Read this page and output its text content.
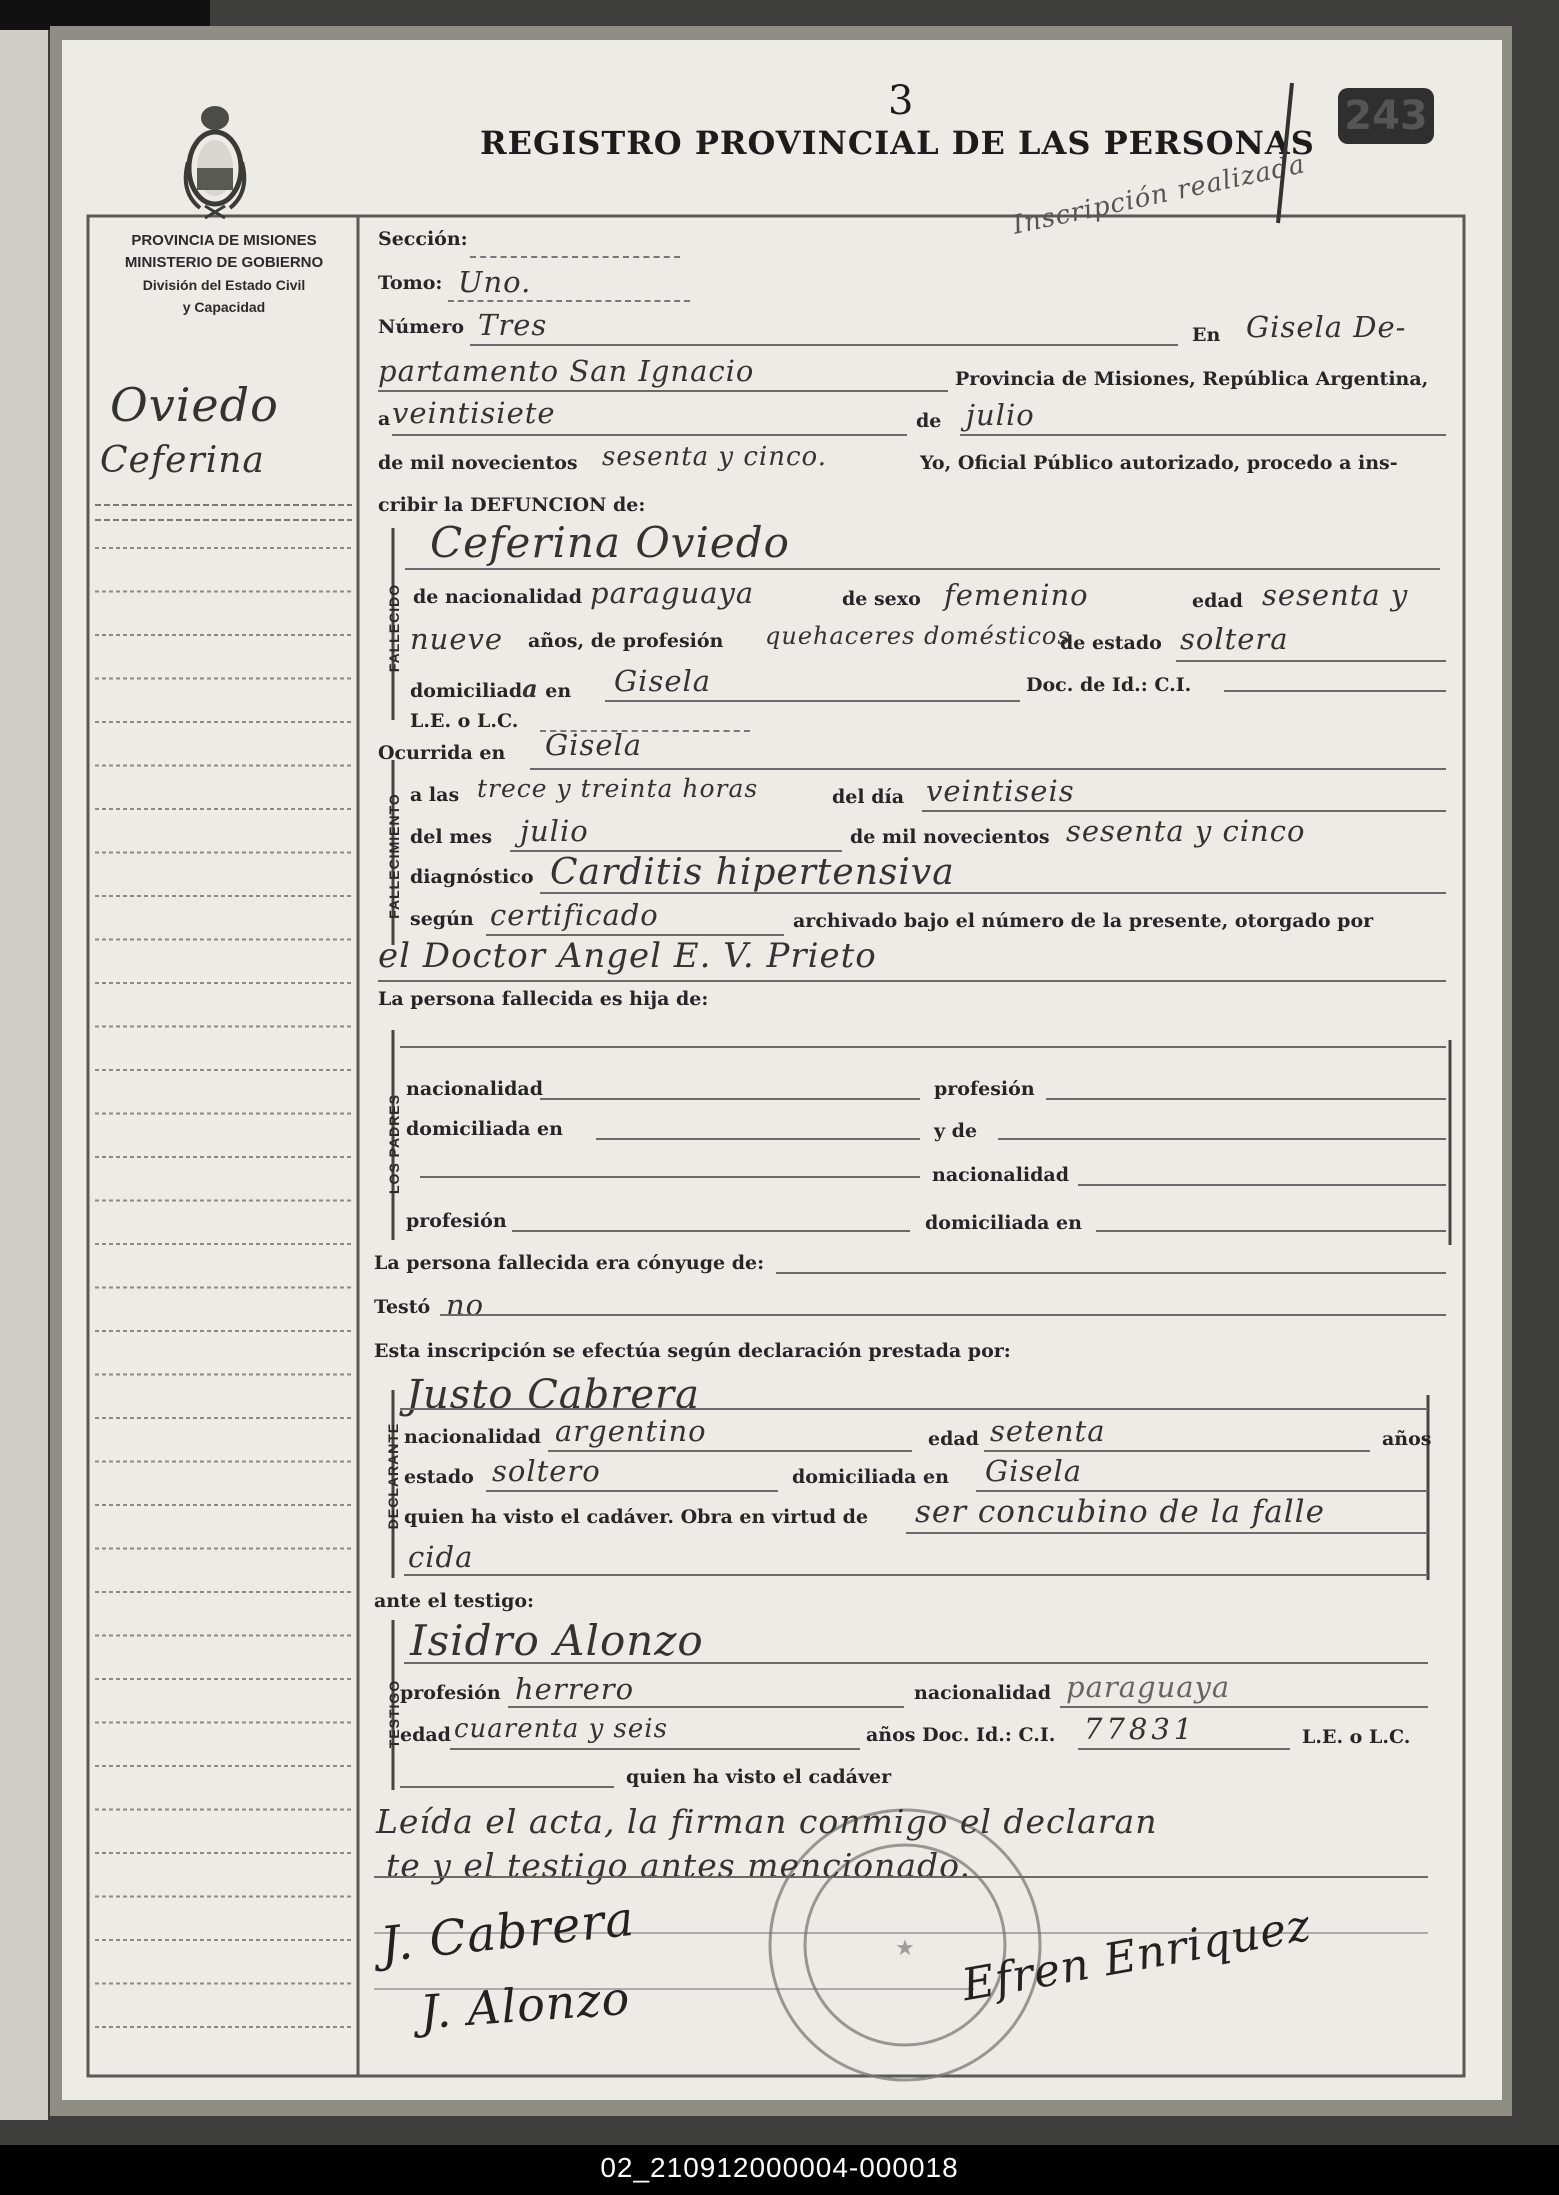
★
3
REGISTRO PROVINCIAL DE LAS PERSONAS
243
Inscripción realizada
PROVINCIA DE MISIONES
MINISTERIO DE GOBIERNO
División del Estado Civil
y Capacidad
Oviedo
Ceferina
Sección:
Tomo: Uno.
Número Tres	En Gisela De-
partamento San Ignacio	Provincia de Misiones, República Argentina,
a veintisiete	de julio
de mil novecientos sesenta y cinco.	Yo, Oficial Público autorizado, procedo a ins-
cribir la DEFUNCION de:
FALLECIDO
Ceferina Oviedo
de nacionalidad paraguaya	de sexo femenino	edad sesenta y
nueve años, de profesión quehaceres domésticos
de estado soltera
domiciliada en Gisela	Doc. de Id.: C.I.
L.E. o L.C.
Ocurrida en Gisela
FALLECIMIENTO a las trece y treinta horas	del día veintiseis
del mes julio	de mil novecientos sesenta y cinco
diagnóstico Carditis hipertensiva
según certificado	archivado bajo el número de la presente, otorgado por
el Doctor Angel E. V. Prieto
La persona fallecida es hija de:
LOS PADRES
nacionalidad	profesión
domiciliada en	y de
nacionalidad
profesión	domiciliada en
La persona fallecida era cónyuge de:
Testó no
Esta inscripción se efectúa según declaración prestada por:
DECLARANTE
Justo Cabrera
nacionalidad argentino	edad setenta	años
estado soltero	domiciliada en Gisela
quien ha visto el cadáver. Obra en virtud de ser concubino de la falle
cida
ante el testigo:
TESTIGO
Isidro Alonzo
profesión herrero	nacionalidad paraguaya
edad cuarenta y seis	años Doc. Id.: C.I. 77831	L.E. o L.C.
quien ha visto el cadáver
Leída el acta, la firman conmigo el declaran
te y el testigo antes mencionado.
J. Cabrera
J. Alonzo	Efren Enriquez
02_210912000004-000018
